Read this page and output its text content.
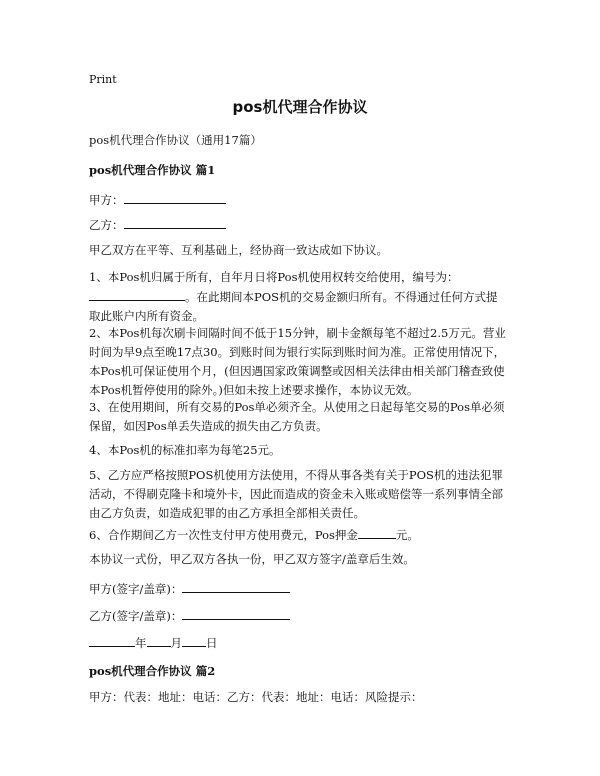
Print
pos机代理合作协议

pos机代理合作协议（通用17篇）

pos机代理合作协议 篇1

甲方：

乙方：

甲乙双方在平等、互利基础上，经协商一致达成如下协议。

1、本Pos机归属于所有，自年月日将Pos机使用权转交给使用，编号为：
。在此期间本POS机的交易金额归所有。不得通过任何方式提
取此账户内所有资金。
2、本Pos机每次刷卡间隔时间不低于15分钟，刷卡金额每笔不超过2.5万元。营业
时间为早9点至晚17点30。到账时间为银行实际到账时间为准。正常使用情况下，
本Pos机可保证使用个月，(但因遇国家政策调整或因相关法律由相关部门稽查致使
本Pos机暂停使用的除外。)但如未按上述要求操作，本协议无效。
3、在使用期间，所有交易的Pos单必须齐全。从使用之日起每笔交易的Pos单必须
保留，如因Pos单丢失造成的损失由乙方负责。

4、本Pos机的标准扣率为每笔25元。

5、乙方应严格按照POS机使用方法使用，不得从事各类有关于POS机的违法犯罪
活动，不得刷克隆卡和境外卡，因此而造成的资金未入账或赔偿等一系列事情全部
由乙方负责，如造成犯罪的由乙方承担全部相关责任。

6、合作期间乙方一次性支付甲方使用费元，Pos押金	元。

本协议一式份，甲乙双方各执一份，甲乙双方签字/盖章后生效。

甲方(签字/盖章)：

乙方(签字/盖章)：

年 月 日

pos机代理合作协议 篇2

甲方：代表：地址：电话：乙方：代表：地址：电话：风险提示：
